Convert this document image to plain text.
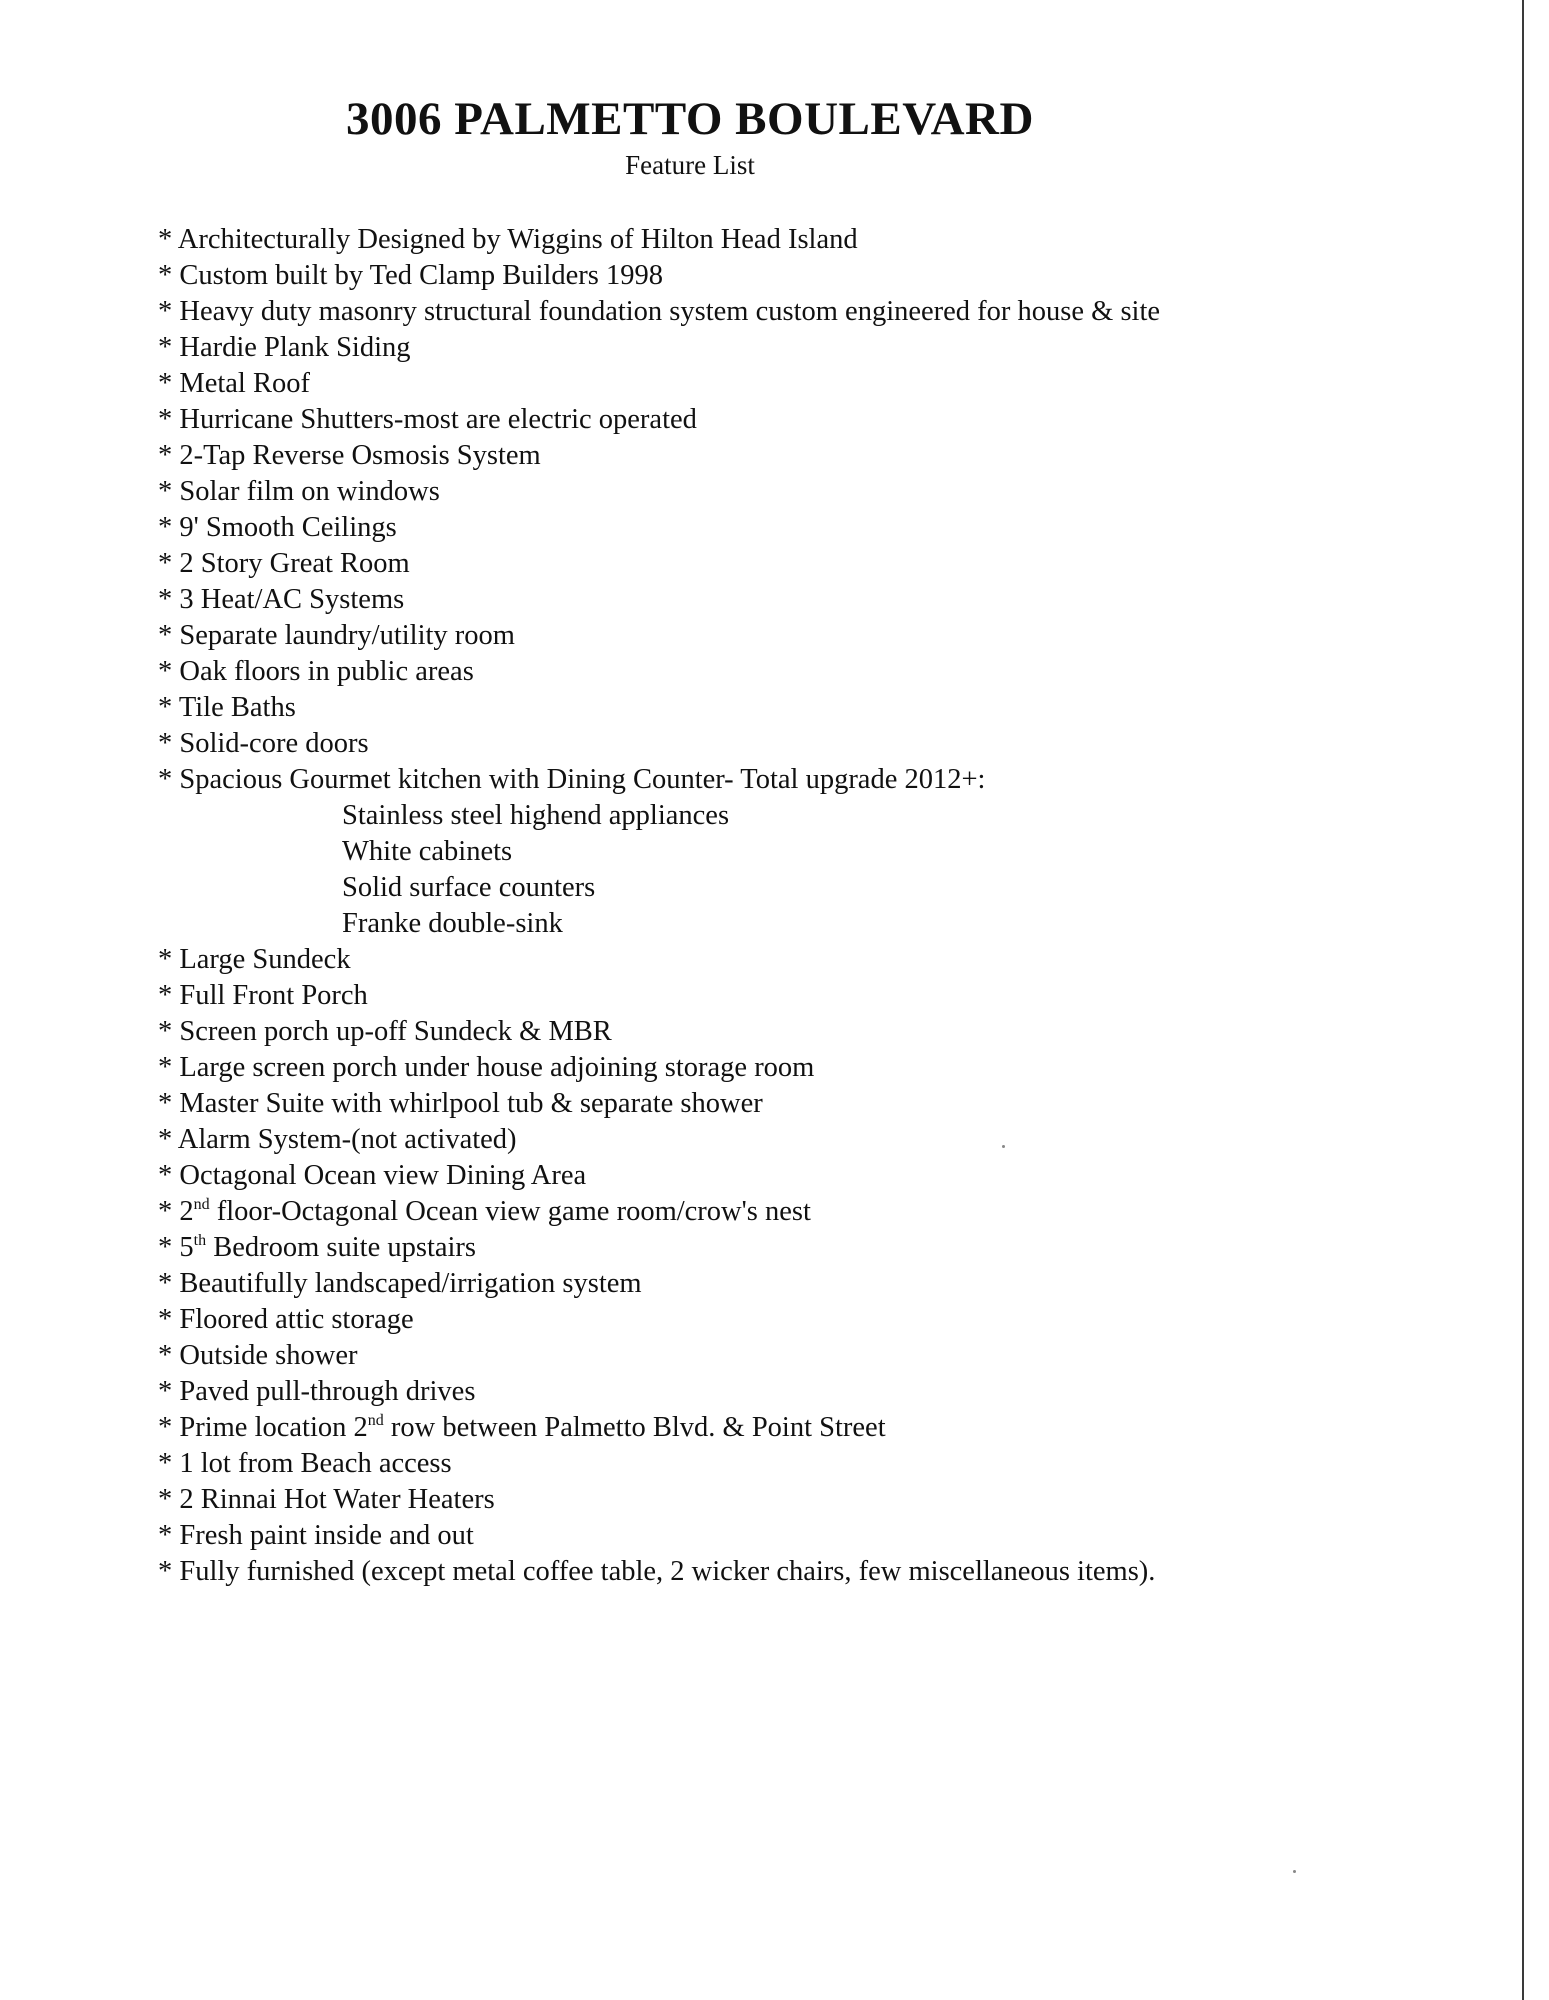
3006 PALMETTO BOULEVARD
Feature List
* Architecturally Designed by Wiggins of Hilton Head Island
* Custom built by Ted Clamp Builders 1998
* Heavy duty masonry structural foundation system custom engineered for house & site
* Hardie Plank Siding
* Metal Roof
* Hurricane Shutters-most are electric operated
* 2-Tap Reverse Osmosis System
* Solar film on windows
* 9' Smooth Ceilings
* 2 Story Great Room
* 3 Heat/AC Systems
* Separate laundry/utility room
* Oak floors in public areas
* Tile Baths
* Solid-core doors
* Spacious Gourmet kitchen with Dining Counter- Total upgrade 2012+:
Stainless steel highend appliances
White cabinets
Solid surface counters
Franke double-sink
* Large Sundeck
* Full Front Porch
* Screen porch up-off Sundeck & MBR
* Large screen porch under house adjoining storage room
* Master Suite with whirlpool tub & separate shower
* Alarm System-(not activated)
* Octagonal Ocean view Dining Area
* 2nd floor-Octagonal Ocean view game room/crow's nest
* 5th Bedroom suite upstairs
* Beautifully landscaped/irrigation system
* Floored attic storage
* Outside shower
* Paved pull-through drives
* Prime location 2nd row between Palmetto Blvd. & Point Street
* 1 lot from Beach access
* 2 Rinnai Hot Water Heaters
* Fresh paint inside and out
* Fully furnished (except metal coffee table, 2 wicker chairs, few miscellaneous items).
